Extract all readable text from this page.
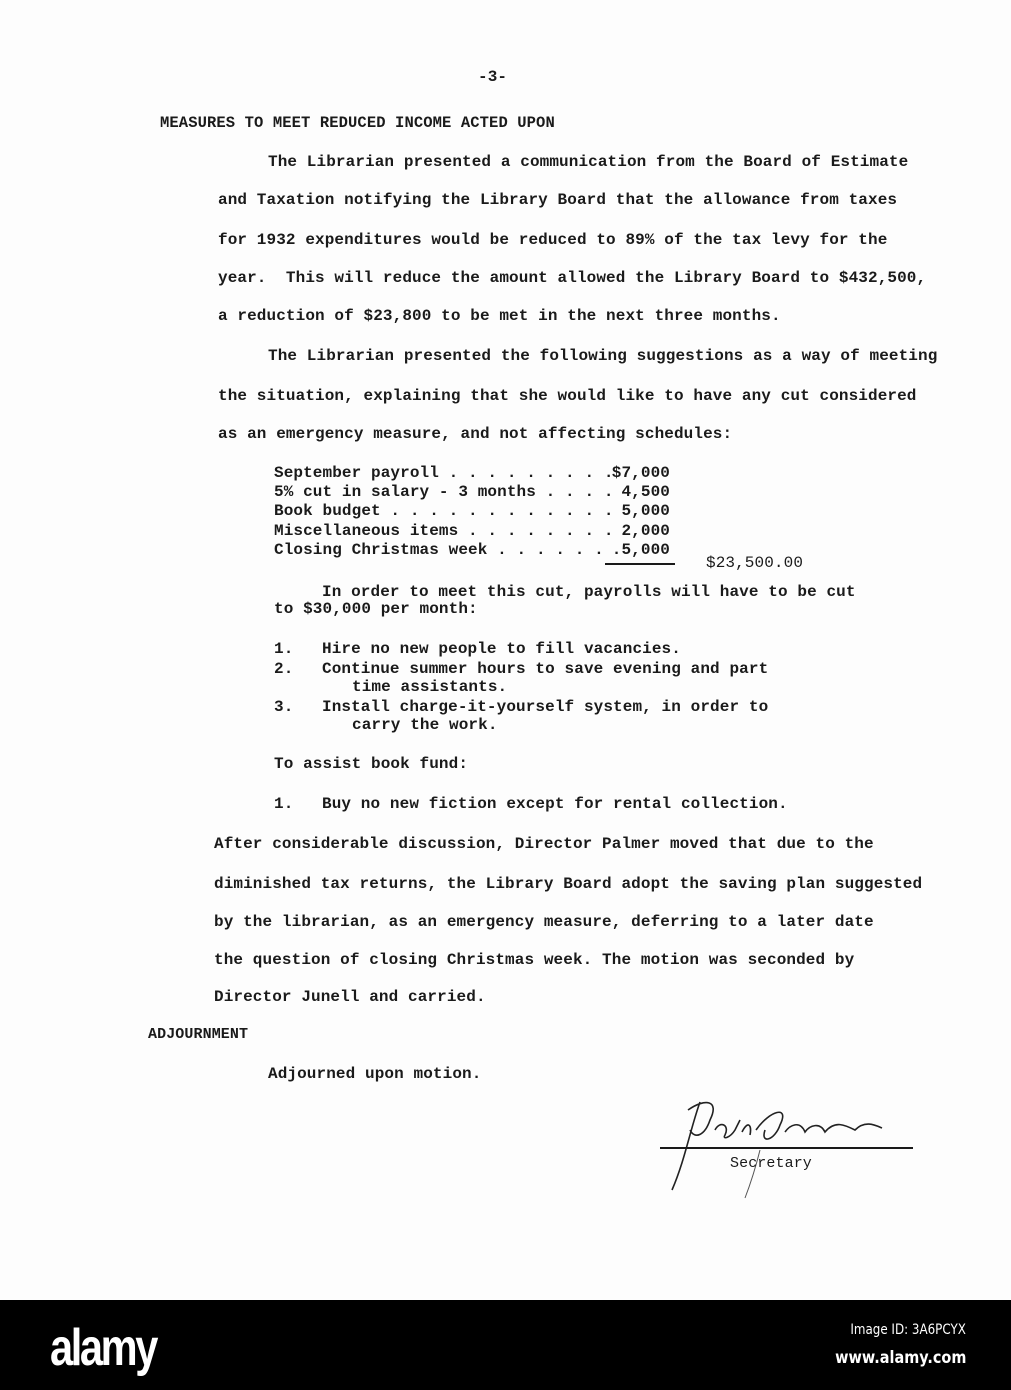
-3-
MEASURES TO MEET REDUCED INCOME ACTED UPON
The Librarian presented a communication from the Board of Estimate
and Taxation notifying the Library Board that the allowance from taxes
for 1932 expenditures would be reduced to 89% of the tax levy for the
year.  This will reduce the amount allowed the Library Board to $432,500,
a reduction of $23,800 to be met in the next three months.
The Librarian presented the following suggestions as a way of meeting
the situation, explaining that she would like to have any cut considered
as an emergency measure, and not affecting schedules:
September payroll . . . . . . . . .
$7,000
5% cut in salary - 3 months . . . . 4,500
Book budget . . . . . . . . . . . . 5,000
Miscellaneous items . . . . . . . . 2,000
Closing Christmas week . . . . . . .5,000
$23,500.00
In order to meet this cut, payrolls will have to be cut
to $30,000 per month:
1. Hire no new people to fill vacancies.
2. Continue summer hours to save evening and part
time assistants.
3. Install charge-it-yourself system, in order to
carry the work.
To assist book fund:
1. Buy no new fiction except for rental collection.
After considerable discussion, Director Palmer moved that due to the
diminished tax returns, the Library Board adopt the saving plan suggested
by the librarian, as an emergency measure, deferring to a later date
the question of closing Christmas week. The motion was seconded by
Director Junell and carried.
ADJOURNMENT
Adjourned upon motion.
Secretary
alamy	Image ID: 3A6PCYX
www.alamy.com
